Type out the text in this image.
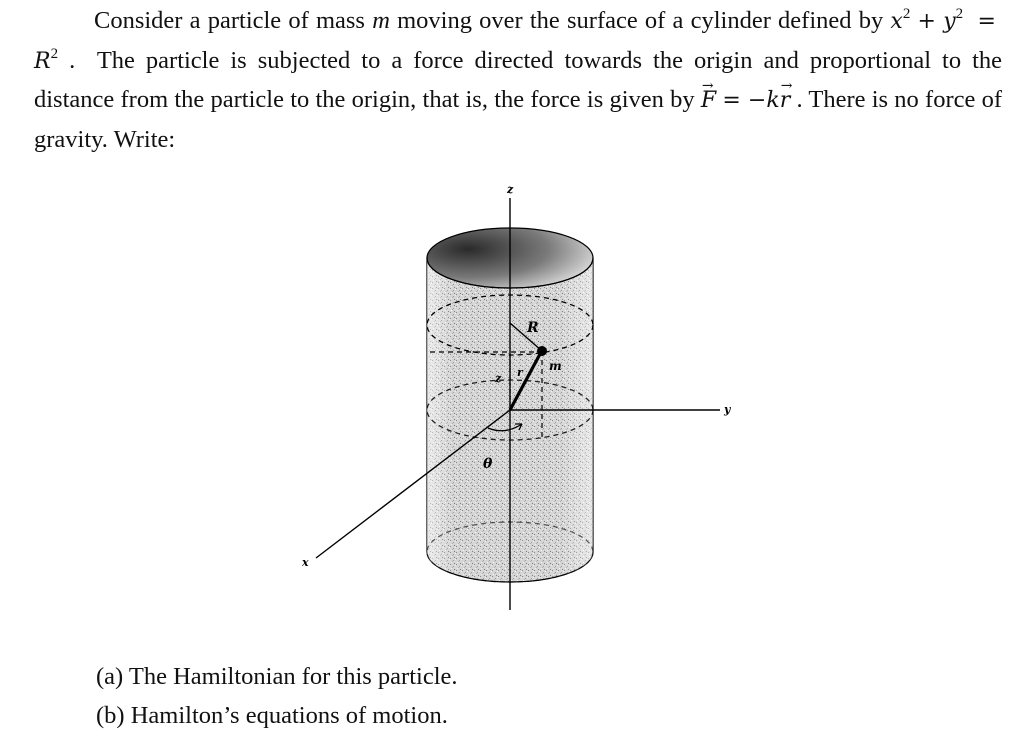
Consider a particle of mass m moving over the surface of a cylinder defined by $x^2 + y^2 = R^2$ . The particle is subjected to a force directed towards the origin and proportional to the distance from the particle to the origin, that is, the force is given by F → = −kr → . There is no force of gravity. Write:
z
y
x
R
m
r
z
θ
(a) The Hamiltonian for this particle.
(b) Hamilton’s equations of motion.
